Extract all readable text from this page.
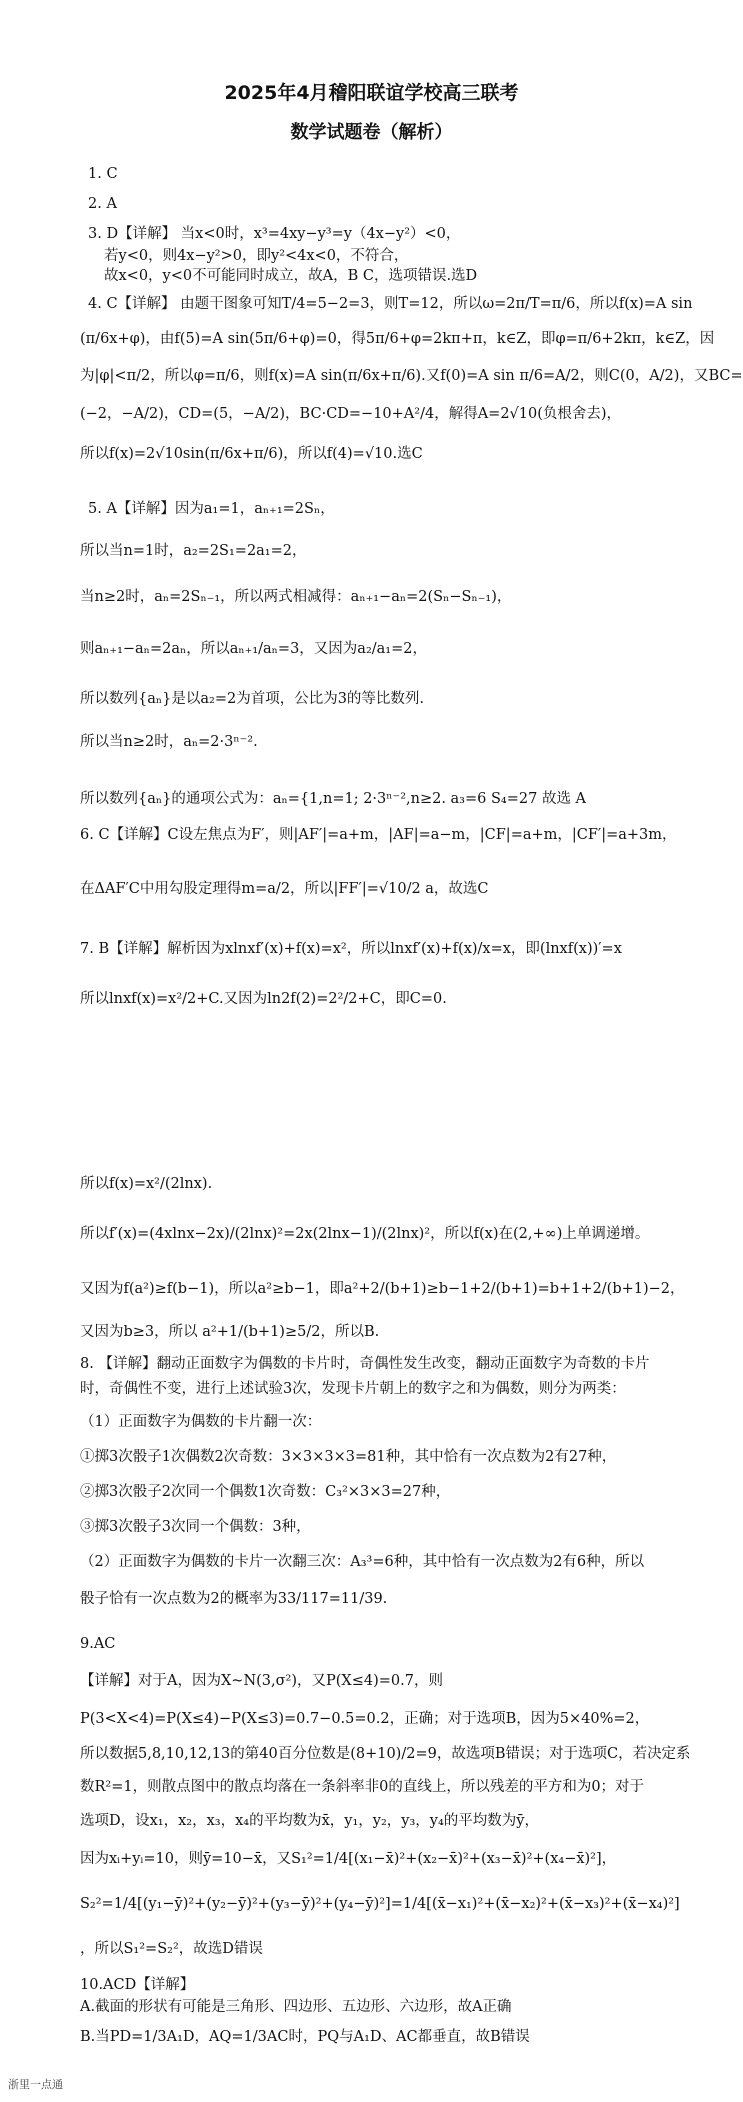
2025年4月稽阳联谊学校高三联考
数学试题卷（解析）
1. C
2. A
3. D【详解】 当x<0时，x³=4xy−y³=y（4x−y²）<0，
若y<0，则4x−y²>0，即y²<4x<0，不符合，
故x<0，y<0不可能同时成立，故A，B C，选项错误.选D
4. C【详解】 由题干图象可知T/4=5−2=3，则T=12，所以ω=2π/T=π/6，所以f(x)=A sin
(π/6x+φ)，由f(5)=A sin(5π/6+φ)=0，得5π/6+φ=2kπ+π，k∈Z，即φ=π/6+2kπ，k∈Z，因
为|φ|<π/2，所以φ=π/6，则f(x)=A sin(π/6x+π/6).又f(0)=A sin π/6=A/2，则C(0，A/2)，又BC=
(−2，−A/2)，CD=(5，−A/2)，BC·CD=−10+A²/4，解得A=2√10(负根舍去)，
所以f(x)=2√10sin(π/6x+π/6)，所以f(4)=√10.选C
5. A【详解】因为a₁=1，aₙ₊₁=2Sₙ，
所以当n=1时，a₂=2S₁=2a₁=2，
当n≥2时，aₙ=2Sₙ₋₁，所以两式相减得：aₙ₊₁−aₙ=2(Sₙ−Sₙ₋₁)，
则aₙ₊₁−aₙ=2aₙ，所以aₙ₊₁/aₙ=3，又因为a₂/a₁=2，
所以数列{aₙ}是以a₂=2为首项，公比为3的等比数列.
所以当n≥2时，aₙ=2·3ⁿ⁻².
所以数列{aₙ}的通项公式为：aₙ={1,n=1; 2·3ⁿ⁻²,n≥2. a₃=6 S₄=27 故选 A
6. C【详解】C设左焦点为F′，则|AF′|=a+m，|AF|=a−m，|CF|=a+m，|CF′|=a+3m，
在ΔAF′C中用勾股定理得m=a/2，所以|FF′|=√10/2 a，故选C
7. B【详解】解析因为xlnxf′(x)+f(x)=x²，所以lnxf′(x)+f(x)/x=x，即(lnxf(x))′=x
所以lnxf(x)=x²/2+C.又因为ln2f(2)=2²/2+C，即C=0.
所以f(x)=x²/(2lnx).
所以f′(x)=(4xlnx−2x)/(2lnx)²=2x(2lnx−1)/(2lnx)²，所以f(x)在(2,+∞)上单调递增。
又因为f(a²)≥f(b−1)，所以a²≥b−1，即a²+2/(b+1)≥b−1+2/(b+1)=b+1+2/(b+1)−2，
又因为b≥3，所以 a²+1/(b+1)≥5/2，所以B.
8. 【详解】翻动正面数字为偶数的卡片时，奇偶性发生改变，翻动正面数字为奇数的卡片
时，奇偶性不变，进行上述试验3次，发现卡片朝上的数字之和为偶数，则分为两类：
（1）正面数字为偶数的卡片翻一次：
①掷3次骰子1次偶数2次奇数：3×3×3×3=81种，其中恰有一次点数为2有27种，
②掷3次骰子2次同一个偶数1次奇数：C₃²×3×3=27种，
③掷3次骰子3次同一个偶数：3种，
（2）正面数字为偶数的卡片一次翻三次：A₃³=6种，其中恰有一次点数为2有6种，所以
骰子恰有一次点数为2的概率为33/117=11/39.
9.AC
【详解】对于A，因为X~N(3,σ²)，又P(X≤4)=0.7，则
P(3<X<4)=P(X≤4)−P(X≤3)=0.7−0.5=0.2，正确；对于选项B，因为5×40%=2，
所以数据5,8,10,12,13的第40百分位数是(8+10)/2=9，故选项B错误；对于选项C，若决定系
数R²=1，则散点图中的散点均落在一条斜率非0的直线上，所以残差的平方和为0；对于
选项D，设x₁，x₂，x₃，x₄的平均数为x̄，y₁，y₂，y₃，y₄的平均数为ȳ，
因为xᵢ+yᵢ=10，则ȳ=10−x̄，又S₁²=1/4[(x₁−x̄)²+(x₂−x̄)²+(x₃−x̄)²+(x₄−x̄)²]，
S₂²=1/4[(y₁−ȳ)²+(y₂−ȳ)²+(y₃−ȳ)²+(y₄−ȳ)²]=1/4[(x̄−x₁)²+(x̄−x₂)²+(x̄−x₃)²+(x̄−x₄)²]
，所以S₁²=S₂²，故选D错误
10.ACD【详解】
A.截面的形状有可能是三角形、四边形、五边形、六边形，故A正确
B.当PD=1/3A₁D，AQ=1/3AC时，PQ与A₁D、AC都垂直，故B错误
浙里一点通
